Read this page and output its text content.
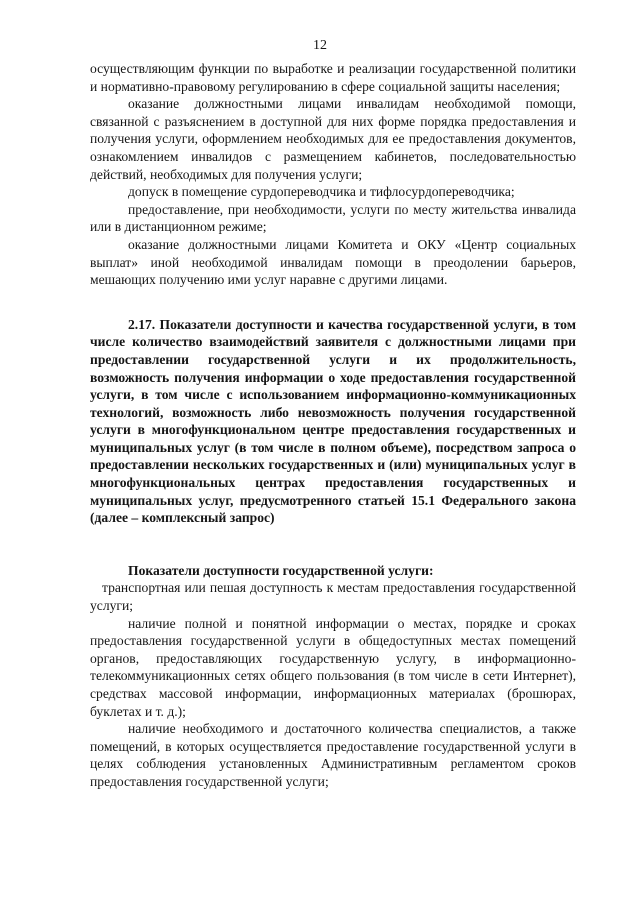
12

осуществляющим функции по выработке и реализации государственной политики и нормативно-правовому регулированию в сфере социальной защиты населения;

оказание должностными лицами инвалидам необходимой помощи, связанной с разъяснением в доступной для них форме порядка предоставления и получения услуги, оформлением необходимых для ее предоставления документов, ознакомлением инвалидов с размещением кабинетов, последовательностью действий, необходимых для получения услуги;

допуск в помещение сурдопереводчика и тифлосурдопереводчика;

предоставление, при необходимости, услуги по месту жительства инвалида или в дистанционном режиме;

оказание должностными лицами Комитета и ОКУ «Центр социальных выплат» иной необходимой инвалидам помощи в преодолении барьеров, мешающих получению ими услуг наравне с другими лицами.

2.17. Показатели доступности и качества государственной услуги, в том числе количество взаимодействий заявителя с должностными лицами при предоставлении государственной услуги и их продолжительность, возможность получения информации о ходе предоставления государственной услуги, в том числе с использованием информационно-коммуникационных технологий, возможность либо невозможность получения государственной услуги в многофункциональном центре предоставления государственных и муниципальных услуг (в том числе в полном объеме), посредством запроса о предоставлении нескольких государственных и (или) муниципальных услуг в многофункциональных центрах предоставления государственных и муниципальных услуг, предусмотренного статьей 15.1 Федерального закона (далее – комплексный запрос)

Показатели доступности государственной услуги:

транспортная или пешая доступность к местам предоставления государственной услуги;

наличие полной и понятной информации о местах, порядке и сроках предоставления государственной услуги в общедоступных местах помещений органов, предоставляющих государственную услугу, в информационно-телекоммуникационных сетях общего пользования (в том числе в сети Интернет), средствах массовой информации, информационных материалах (брошюрах, буклетах и т. д.);

наличие необходимого и достаточного количества специалистов, а также помещений, в которых осуществляется предоставление государственной услуги в целях соблюдения установленных Административным регламентом сроков предоставления государственной услуги;
